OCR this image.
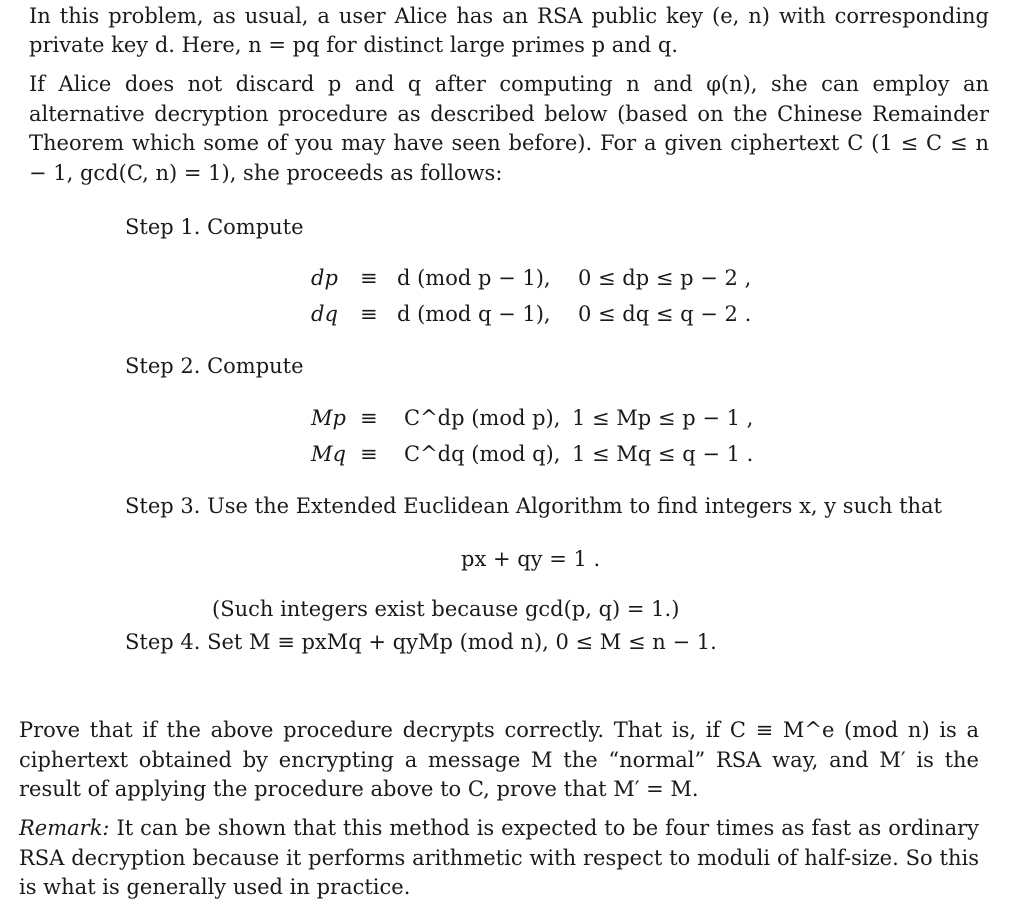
In this problem, as usual, a user Alice has an RSA public key (e, n) with corresponding private key d. Here, n = pq for distinct large primes p and q.

If Alice does not discard p and q after computing n and φ(n), she can employ an alternative decryption procedure as described below (based on the Chinese Remainder Theorem which some of you may have seen before). For a given ciphertext C (1 ≤ C ≤ n − 1, gcd(C, n) = 1), she proceeds as follows:

Step 1. Compute
dp ≡ d (mod p − 1), 0 ≤ dp ≤ p − 2 ,
dq ≡ d (mod q − 1), 0 ≤ dq ≤ q − 2 .
Step 2. Compute
Mp ≡ C^dp (mod p), 1 ≤ Mp ≤ p − 1 ,
Mq ≡ C^dq (mod q), 1 ≤ Mq ≤ q − 1 .
Step 3. Use the Extended Euclidean Algorithm to find integers x, y such that
px + qy = 1 .
(Such integers exist because gcd(p, q) = 1.)
Step 4. Set M ≡ pxMq + qyMp (mod n), 0 ≤ M ≤ n − 1.

Prove that if the above procedure decrypts correctly. That is, if C ≡ M^e (mod n) is a ciphertext obtained by encrypting a message M the “normal” RSA way, and M′ is the result of applying the procedure above to C, prove that M′ = M.

Remark: It can be shown that this method is expected to be four times as fast as ordinary RSA decryption because it performs arithmetic with respect to moduli of half-size. So this is what is generally used in practice.
